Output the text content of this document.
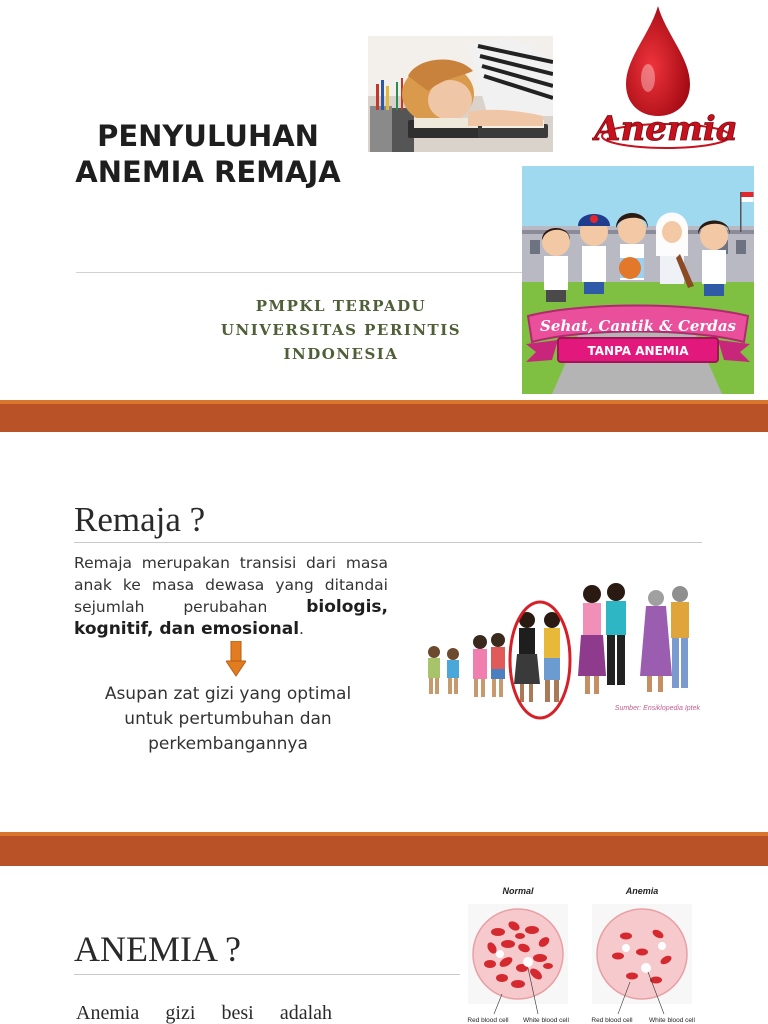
PENYULUHAN
ANEMIA REMAJA
PMPKL TERPADU
UNIVERSITAS PERINTIS
INDONESIA
Anemia
Sehat, Cantik & Cerdas
TANPA ANEMIA
Remaja ?
Remaja merupakan transisi dari masa anak ke masa dewasa yang ditandai sejumlah perubahan biologis, kognitif, dan emosional.
Asupan zat gizi yang optimal
untuk pertumbuhan dan
perkembangannya
Sumber: Ensiklopedia Iptek
ANEMIA ?
Anemia gizi besi adalah
Normal	Anemia
Red blood cell White blood cell	Red blood cell	White blood cell
